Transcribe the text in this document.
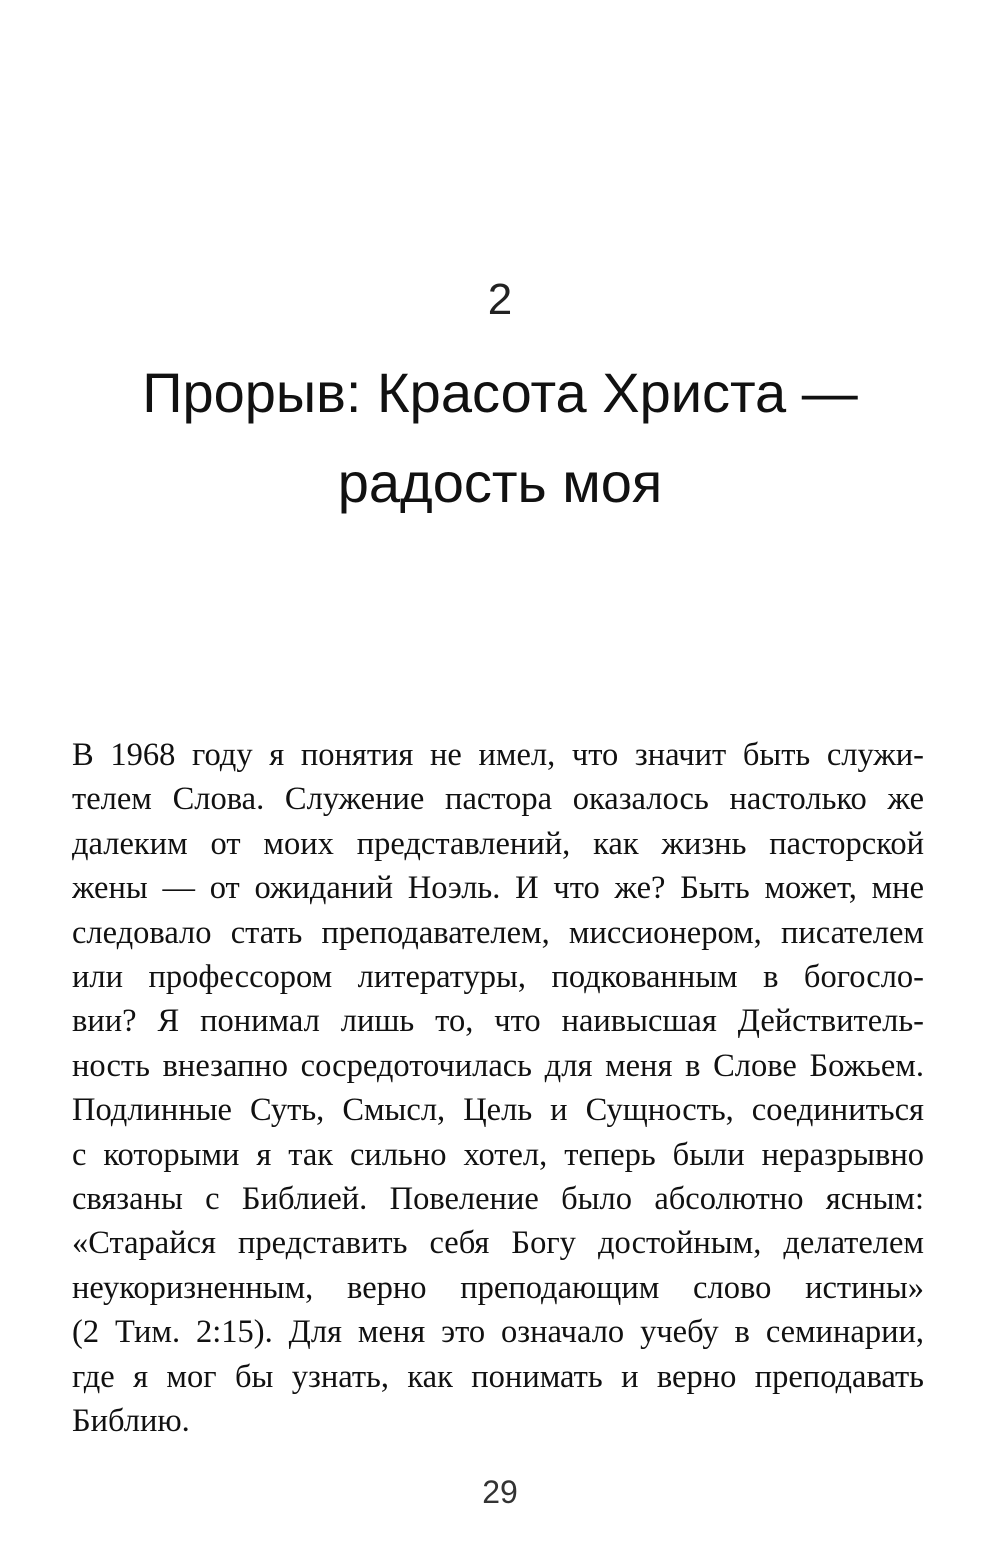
2
Прорыв: Красота Христа —
радость моя
В 1968 году я понятия не имел, что значит быть служи-
телем Слова. Служение пастора оказалось настолько же
далеким от моих представлений, как жизнь пасторской
жены — от ожиданий Ноэль. И что же? Быть может, мне
следовало стать преподавателем, миссионером, писателем
или профессором литературы, подкованным в богосло-
вии? Я понимал лишь то, что наивысшая Действитель-
ность внезапно сосредоточилась для меня в Слове Божьем.
Подлинные Суть, Смысл, Цель и Сущность, соединиться
с которыми я так сильно хотел, теперь были неразрывно
связаны с Библией. Повеление было абсолютно ясным:
«Старайся представить себя Богу достойным, делателем
неукоризненным, верно преподающим слово истины»
(2 Тим. 2:15). Для меня это означало учебу в семинарии,
где я мог бы узнать, как понимать и верно преподавать
Библию.
29
